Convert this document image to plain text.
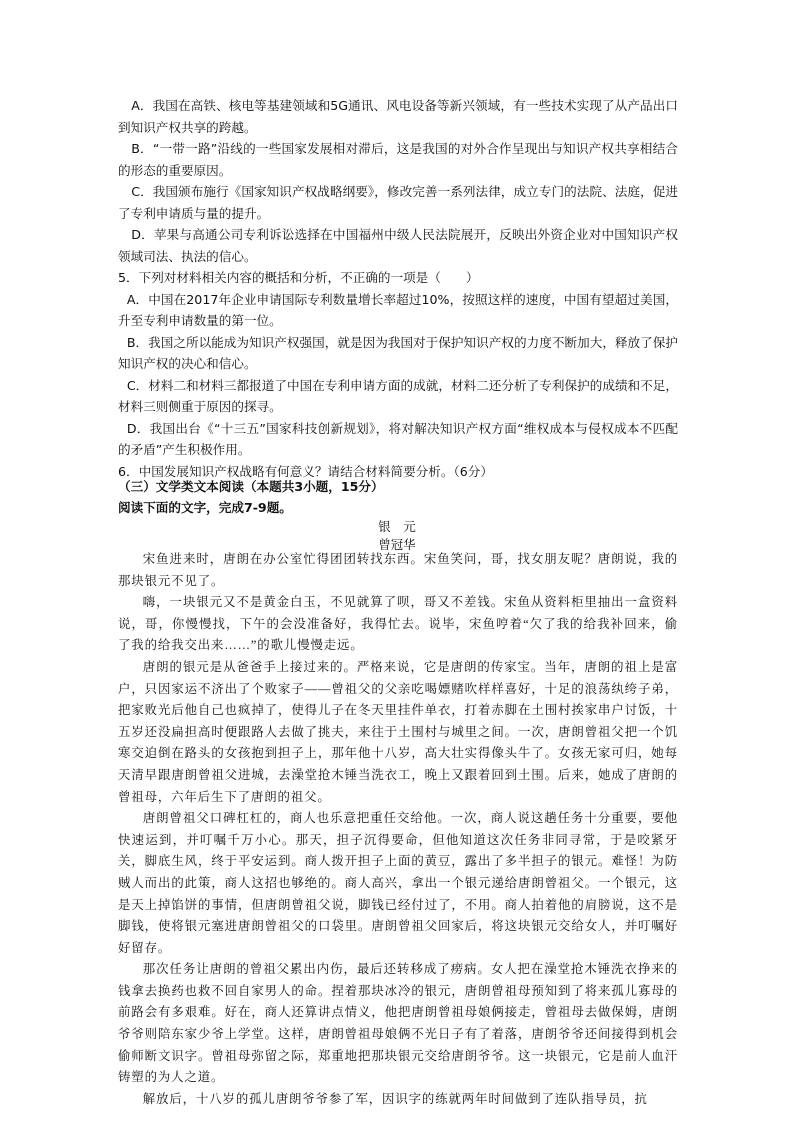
A．我国在高铁、核电等基建领域和5G通讯、风电设备等新兴领域，有一些技术实现了从产品出口到知识产权共享的跨越。

B．“一带一路”沿线的一些国家发展相对滞后，这是我国的对外合作呈现出与知识产权共享相结合的形态的重要原因。

C．我国颁布施行《国家知识产权战略纲要》，修改完善一系列法律，成立专门的法院、法庭，促进了专利申请质与量的提升。

D．苹果与高通公司专利诉讼选择在中国福州中级人民法院展开，反映出外资企业对中国知识产权领域司法、执法的信心。

5．下列对材料相关内容的概括和分析，不正确的一项是（　　）

A．中国在2017年企业申请国际专利数量增长率超过10%，按照这样的速度，中国有望超过美国，升至专利申请数量的第一位。

B．我国之所以能成为知识产权强国，就是因为我国对于保护知识产权的力度不断加大，释放了保护知识产权的决心和信心。

C．材料二和材料三都报道了中国在专利申请方面的成就，材料二还分析了专利保护的成绩和不足，材料三则侧重于原因的探寻。

D．我国出台《“十三五”国家科技创新规划》，将对解决知识产权方面“维权成本与侵权成本不匹配的矛盾”产生积极作用。

6．中国发展知识产权战略有何意义？请结合材料简要分析。（6分）

（三）文学类文本阅读（本题共3小题，15分）
阅读下面的文字，完成7-9题。
银　元
曾冠华

宋鱼进来时，唐朗在办公室忙得团团转找东西。宋鱼笑问，哥，找女朋友呢？唐朗说，我的那块银元不见了。

嗨，一块银元又不是黄金白玉，不见就算了呗，哥又不差钱。宋鱼从资料柜里抽出一盒资料说，哥，你慢慢找，下午的会没准备好，我得忙去。说毕，宋鱼哼着“欠了我的给我补回来，偷了我的给我交出来……”的歌儿慢慢走远。

唐朗的银元是从爸爸手上接过来的。严格来说，它是唐朗的传家宝。当年，唐朗的祖上是富户，只因家运不济出了个败家子——曾祖父的父亲吃喝嫖赌吹样样喜好，十足的浪荡纨绔子弟，把家败光后他自己也疯掉了，使得儿子在冬天里挂件单衣，打着赤脚在土围村挨家串户讨饭，十五岁还没扁担高时便跟路人去做了挑夫，来往于土围村与城里之间。一次，唐朗曾祖父把一个饥寒交迫倒在路头的女孩抱到担子上，那年他十八岁，高大壮实得像头牛了。女孩无家可归，她每天清早跟唐朗曾祖父进城，去澡堂抢木锤当洗衣工，晚上又跟着回到土围。后来，她成了唐朗的曾祖母，六年后生下了唐朗的祖父。

唐朗曾祖父口碑杠杠的，商人也乐意把重任交给他。一次，商人说这趟任务十分重要，要他快速运到，并叮嘱千万小心。那天，担子沉得要命，但他知道这次任务非同寻常，于是咬紧牙关，脚底生风，终于平安运到。商人拨开担子上面的黄豆，露出了多半担子的银元。难怪！为防贼人而出的此策，商人这招也够绝的。商人高兴，拿出一个银元递给唐朗曾祖父。一个银元，这是天上掉馅饼的事情，但唐朗曾祖父说，脚钱已经付过了，不用。商人拍着他的肩膀说，这不是脚钱，使将银元塞进唐朗曾祖父的口袋里。唐朗曾祖父回家后，将这块银元交给女人，并叮嘱好好留存。

那次任务让唐朗的曾祖父累出内伤，最后还转移成了痨病。女人把在澡堂抢木锤洗衣挣来的钱拿去换药也救不回自家男人的命。捏着那块冰冷的银元，唐朗曾祖母预知到了将来孤儿寡母的前路会有多艰难。好在，商人还算讲点情义，他把唐朗曾祖母娘俩接走，曾祖母去做保姆，唐朗爷爷则陪东家少爷上学堂。这样，唐朗曾祖母娘俩不光日子有了着落，唐朗爷爷还间接得到机会偷师断文识字。曾祖母弥留之际，郑重地把那块银元交给唐朗爷爷。这一块银元，它是前人血汗铸塑的为人之道。

解放后，十八岁的孤儿唐朗爷爷参了军，因识字的练就两年时间做到了连队指导员，抗
